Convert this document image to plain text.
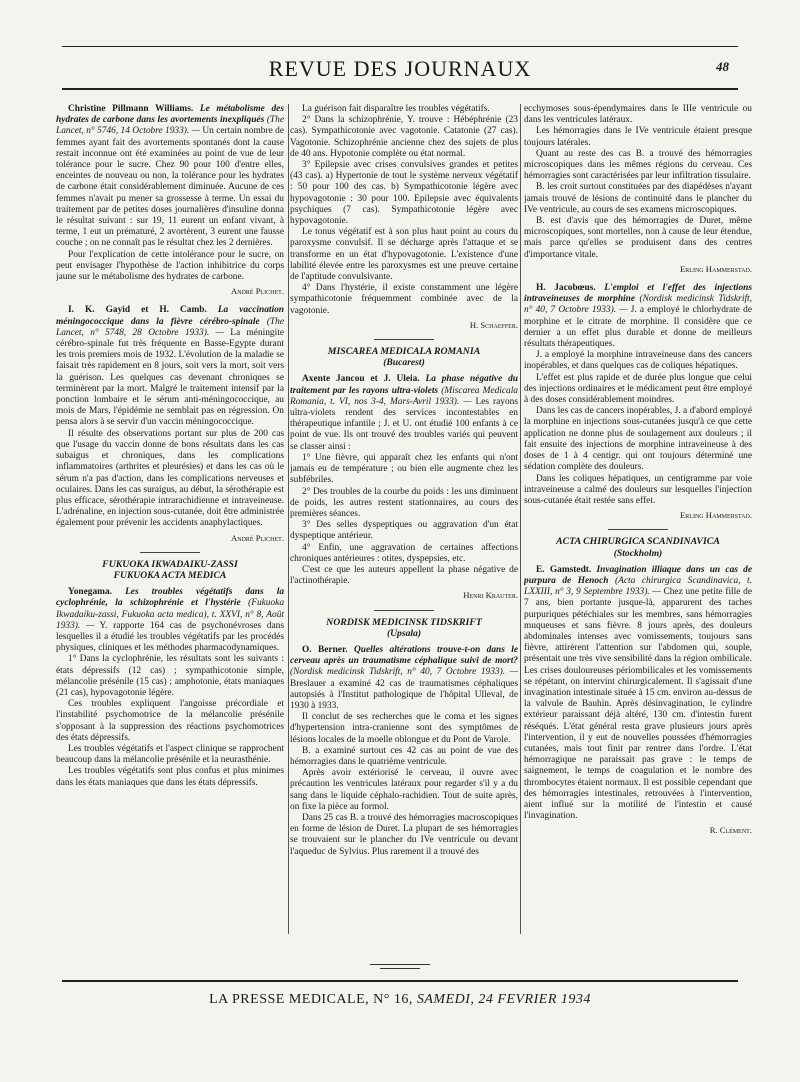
REVUE DES JOURNAUX	48

Christine Pillmann Williams. Le métabolisme des hydrates de carbone dans les avortements inexpliqués (The Lancet, n° 5746, 14 Octobre 1933). — Un certain nombre de femmes ayant fait des avortements spontanés dont la cause restait inconnue ont été examinées au point de vue de leur tolérance pour le sucre. Chez 90 pour 100 d'entre elles, enceintes de nouveau ou non, la tolérance pour les hydrates de carbone était considérablement diminuée. Aucune de ces femmes n'avait pu mener sa grossesse à terme. Un essai du traitement par de petites doses journalières d'insuline donna le résultat suivant : sur 19, 11 eurent un enfant vivant, à terme, 1 eut un prématuré, 2 avortèrent, 3 eurent une fausse couche ; on ne connaît pas le résultat chez les 2 dernières.

Pour l'explication de cette intolérance pour le sucre, on peut envisager l'hypothèse de l'action inhibitrice du corps jaune sur le métabolisme des hydrates de carbone.

André Plichet.

I. K. Gayid et H. Camb. La vaccination méningococcique dans la fièvre cérébro-spinale (The Lancet, n° 5748, 28 Octobre 1933). — La méningite cérébro-spinale fut très fréquente en Basse-Egypte durant les trois premiers mois de 1932. L'évolution de la maladie se faisait très rapidement en 8 jours, soit vers la mort, soit vers la guérison. Les quelques cas devenant chroniques se terminèrent par la mort. Malgré le traitement intensif par la ponction lombaire et le sérum anti-méningococcique, au mois de Mars, l'épidémie ne semblait pas en régression. On pensa alors à se servir d'un vaccin méningococcique.

Il résulte des observations portant sur plus de 200 cas que l'usage du vaccin donne de bons résultats dans les cas subaigus et chroniques, dans les complications inflammatoires (arthrites et pleurésies) et dans les cas où le sérum n'a pas d'action, dans les complications nerveuses et oculaires. Dans les cas suraigus, au début, la sérothérapie est plus efficace, sérothérapie intrarachidienne et intraveineuse. L'adrénaline, en injection sous-cutanée, doit être administrée également pour prévenir les accidents anaphylactiques.

André Plichet.
FUKUOKA IKWADAIKU-ZASSI
FUKUOKA ACTA MEDICA

Yonegama. Les troubles végétatifs dans la cyclophrénie, la schizophrénie et l'hystérie (Fukuoka Ikwadaiku-zassi, Fukuoka acta medica), t. XXVI, n° 8, Août 1933). — Y. rapporte 164 cas de psychonévroses dans lesquelles il a étudié les troubles végétatifs par les procédés physiques, cliniques et les méthodes pharmacodynamiques.

1° Dans la cyclophrénie, les résultats sont les suivants : états dépressifs (12 cas) ; sympathicotonie simple, mélancolie présénile (15 cas) ; amphotonie, états maniaques (21 cas), hypovagotonie légère.

Ces troubles expliquent l'angoisse précordiale et l'instabilité psychomotrice de la mélancolie présénile s'opposant à la suppression des réactions psychomotrices des états dépressifs.

Les troubles végétatifs et l'aspect clinique se rapprochent beaucoup dans la mélancolie présénile et la neurasthénie.

Les troubles végétatifs sont plus confus et plus minimes dans les états maniaques que dans les états dépressifs.

La guérison fait disparaître les troubles végétatifs.

2° Dans la schizophrénie, Y. trouve : Hébéphrénie (23 cas). Sympathicotonie avec vagotonie. Catatonie (27 cas). Vagotonie. Schizophrénie ancienne chez des sujets de plus de 40 ans. Hypotonie complète ou état normal.

3° Epilepsie avec crises convulsives grandes et petites (43 cas). a) Hypertonie de tout le système nerveux végétatif : 50 pour 100 des cas. b) Sympathicotonie légère avec hypovagotonie : 30 pour 100. Epilepsie avec équivalents psychiques (7 cas). Sympathicotonie légère avec hypovagotonie.

Le tonus végétatif est à son plus haut point au cours du paroxysme convulsif. Il se décharge après l'attaque et se transforme en un état d'hypovagotonie. L'existence d'une labilité élevée entre les paroxysmes est une preuve certaine de l'aptitude convulsivante.

4° Dans l'hystérie, il existe constamment une légère sympathicotonie fréquemment combinée avec de la vagotonie.

H. Schaeffer.
MISCAREA MEDICALA ROMANIA
(Bucarest)

Axente Jancou et J. Uleia. La phase négative du traitement par les rayons ultra-violets (Miscarea Medicala Romania, t. VI, nos 3-4, Mars-Avril 1933). — Les rayons ultra-violets rendent des services incontestables en thérapeutique infantile ; J. et U. ont étudié 100 enfants à ce point de vue. Ils ont trouvé des troubles variés qui peuvent se classer ainsi :

1° Une fièvre, qui apparaît chez les enfants qui n'ont jamais eu de température ; ou bien elle augmente chez les subfébriles.

2° Des troubles de la courbe du poids : les uns diminuent de poids, les autres restent stationnaires, au cours des premières séances.

3° Des selles dyspeptiques ou aggravation d'un état dyspeptique antérieur.

4° Enfin, une aggravation de certaines affections chroniques antérieures : otites, dyspepsies, etc.

C'est ce que les auteurs appellent la phase négative de l'actinothérapie.

Henri Krauter.
NORDISK MEDICINSK TIDSKRIFT
(Upsala)

O. Berner. Quelles altérations trouve-t-on dans le cerveau après un traumatisme céphalique suivi de mort? (Nordisk medicinsk Tidskrift, n° 40, 7 Octobre 1933). — Breslauer a examiné 42 cas de traumatismes céphaliques autopsiés à l'Institut pathologique de l'hôpital Ulleval, de 1930 à 1933.

Il conclut de ses recherches que le coma et les signes d'hypertension intra-cranienne sont des symptômes de lésions locales de la moelle oblongue et du Pont de Varole.

B. a examiné surtout ces 42 cas au point de vue des hémorragies dans le quatrième ventricule.

Après avoir extériorisé le cerveau, il ouvre avec précaution les ventricules latéraux pour regarder s'il y a du sang dans le liquide céphalo-rachidien. Tout de suite après, on fixe la pièce au formol.

Dans 25 cas B. a trouvé des hémorragies macroscopiques en forme de lésion de Duret. La plupart de ses hémorragies se trouvaient sur le plancher du IVe ventricule ou devant l'aqueduc de Sylvius. Plus rarement il a trouvé des

ecchymoses sous-épendymaires dans le IIIe ventricule ou dans les ventricules latéraux.

Les hémorragies dans le IVe ventricule étaient presque toujours latérales.

Quant au reste des cas B. a trouvé des hémorragies microscopiques dans les mêmes régions du cerveau. Ces hémorragies sont caractérisées par leur infiltration tissulaire.

B. les croit surtout constituées par des diapédèses n'ayant jamais trouvé de lésions de continuité dans le plancher du IVe ventricule, au cours de ses examens microscopiques.

B. est d'avis que des hémorragies de Duret, même microscopiques, sont mortelles, non à cause de leur étendue, mais parce qu'elles se produisent dans des centres d'importance vitale.

Erling Hammerstad.

H. Jacobœus. L'emploi et l'effet des injections intraveineuses de morphine (Nordisk medicinsk Tidskrift, n° 40, 7 Octobre 1933). — J. a employé le chlorhydrate de morphine et le citrate de morphine. Il considère que ce dernier a un effet plus durable et donne de meilleurs résultats thérapeutiques.

J. a employé la morphine intraveineuse dans des cancers inopérables, et dans quelques cas de coliques hépatiques.

L'effet est plus rapide et de durée plus longue que celui des injections ordinaires et le médicament peut être employé à des doses considérablement moindres.

Dans les cas de cancers inopérables, J. a d'abord employé la morphine en injections sous-cutanées jusqu'à ce que cette application ne donne plus de soulagement aux douleurs ; il fait ensuite des injections de morphine intraveineuse à des doses de 1 à 4 centigr. qui ont toujours déterminé une sédation complète des douleurs.

Dans les coliques hépatiques, un centigramme par voie intraveineuse a calmé des douleurs sur lesquelles l'injection sous-cutanée était restée sans effet.

Erling Hammerstad.
ACTA CHIRURGICA SCANDINAVICA
(Stockholm)

E. Gamstedt. Invagination illiaque dans un cas de purpura de Henoch (Acta chirurgica Scandinavica, t. LXXIII, n° 3, 9 Septembre 1933). — Chez une petite fille de 7 ans, bien portante jusque-là, apparurent des taches purpuriques pétéchiales sur les membres, sans hémorragies muqueuses et sans fièvre. 8 jours après, des douleurs abdominales intenses avec vomissements, toujours sans fièvre, attirèrent l'attention sur l'abdomen qui, souple, présentait une très vive sensibilité dans la région ombilicale. Les crises douloureuses périombilicales et les vomissements se répétant, on intervint chirurgicalement. Il s'agissait d'une invagination intestinale située à 15 cm. environ au-dessus de la valvule de Bauhin. Après désinvagination, le cylindre extérieur paraissant déjà altéré, 130 cm. d'intestin furent réséqués. L'état général resta grave plusieurs jours après l'intervention, il y eut de nouvelles poussées d'hémorragies cutanées, mais tout finit par rentrer dans l'ordre. L'état hémorragique ne paraissait pas grave : le temps de saignement, le temps de coagulation et le nombre des thrombocytes étaient normaux. Il est possible cependant que des hémorragies intestinales, retrouvées à l'intervention, aient influé sur la motilité de l'intestin et causé l'invagination.

R. Clément.
LA PRESSE MEDICALE, N° 16, SAMEDI, 24 FEVRIER 1934
